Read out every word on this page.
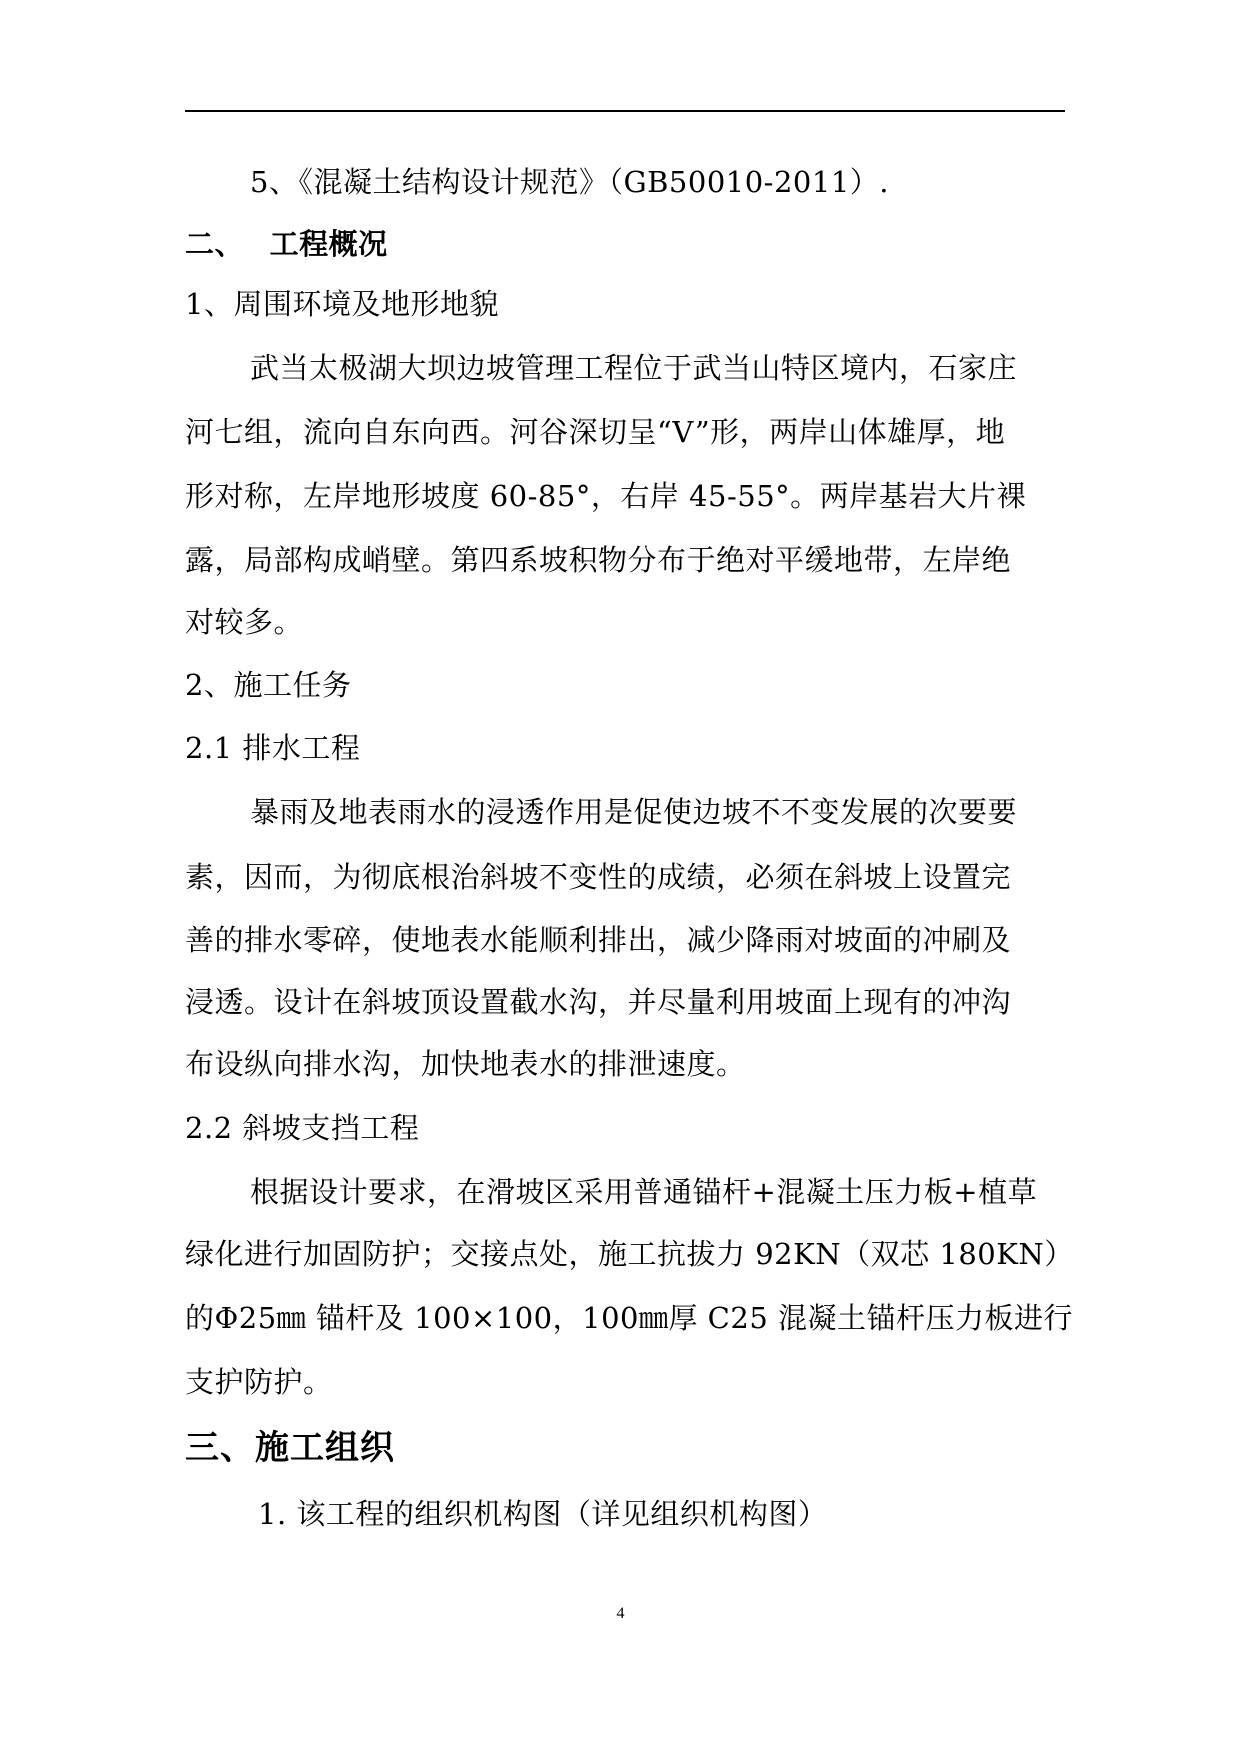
5、《混凝土结构设计规范》（GB50010-2011）.
二、　 工程概况
1、周围环境及地形地貌
武当太极湖大坝边坡管理工程位于武当山特区境内，石家庄
河七组，流向自东向西。河谷深切呈“V”形，两岸山体雄厚，地
形对称，左岸地形坡度 60-85°，右岸 45-55°。两岸基岩大片裸
露，局部构成峭壁。第四系坡积物分布于绝对平缓地带，左岸绝
对较多。
2、施工任务
2.1 排水工程
暴雨及地表雨水的浸透作用是促使边坡不不变发展的次要要
素，因而，为彻底根治斜坡不变性的成绩，必须在斜坡上设置完
善的排水零碎，使地表水能顺利排出，减少降雨对坡面的冲刷及
浸透。设计在斜坡顶设置截水沟，并尽量利用坡面上现有的冲沟
布设纵向排水沟，加快地表水的排泄速度。
2.2 斜坡支挡工程
根据设计要求，在滑坡区采用普通锚杆+混凝土压力板+植草
绿化进行加固防护；交接点处，施工抗拔力 92KN（双芯 180KN）
的Φ25㎜ 锚杆及 100×100，100㎜厚 C25 混凝土锚杆压力板进行
支护防护。
三、施工组织
1. 该工程的组织机构图（详见组织机构图）
4
